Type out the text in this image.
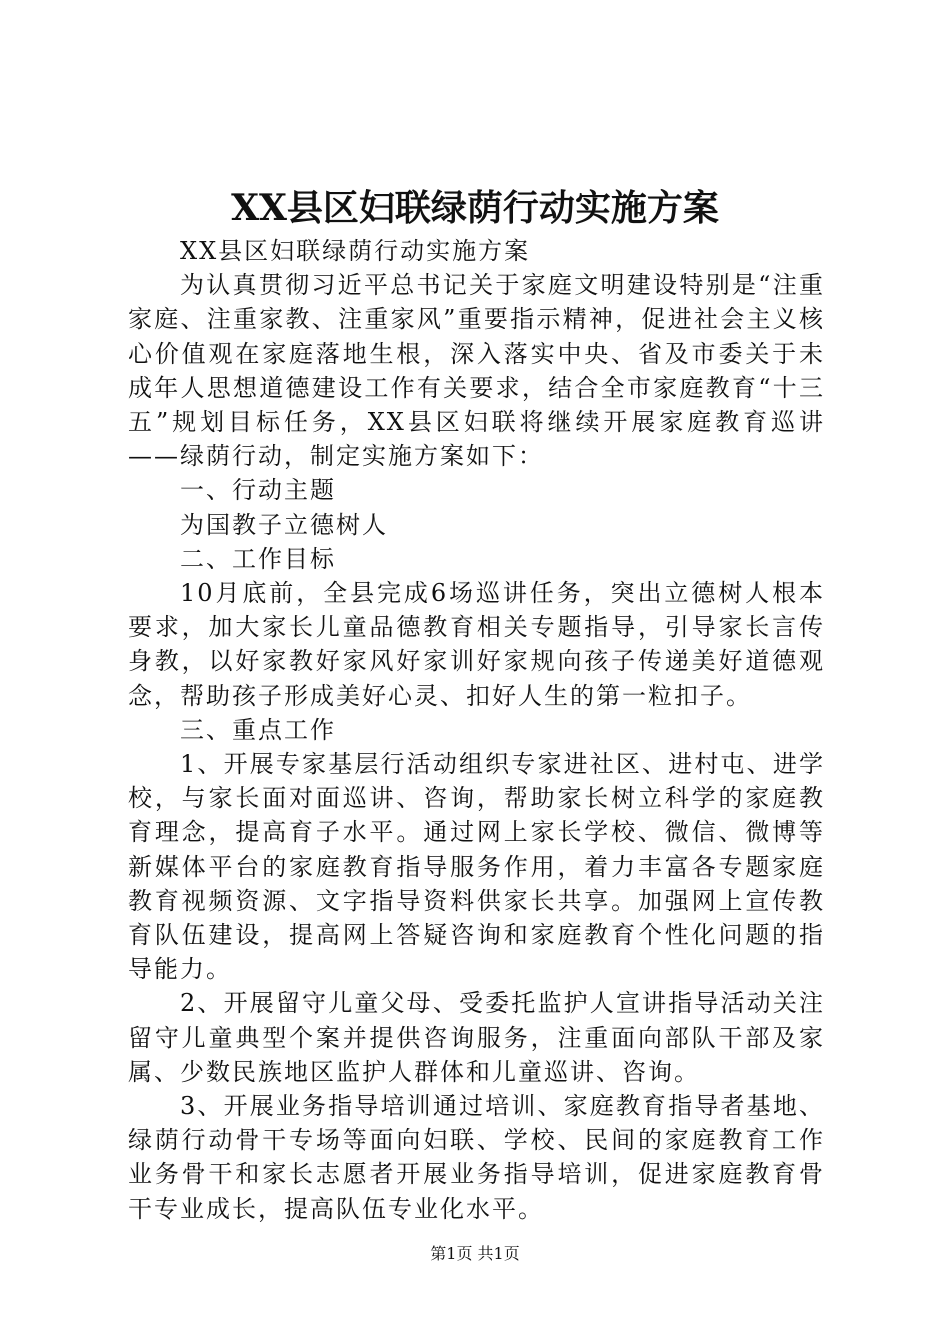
XX县区妇联绿荫行动实施方案

XX县区妇联绿荫行动实施方案

为认真贯彻习近平总书记关于家庭文明建设特别是“注重家庭、注重家教、注重家风”重要指示精神，促进社会主义核心价值观在家庭落地生根，深入落实中央、省及市委关于未成年人思想道德建设工作有关要求，结合全市家庭教育“十三五”规划目标任务，XX县区妇联将继续开展家庭教育巡讲——绿荫行动，制定实施方案如下：

一、行动主题

为国教子立德树人

二、工作目标

10月底前，全县完成6场巡讲任务，突出立德树人根本要求，加大家长儿童品德教育相关专题指导，引导家长言传身教，以好家教好家风好家训好家规向孩子传递美好道德观念，帮助孩子形成美好心灵、扣好人生的第一粒扣子。

三、重点工作

1、开展专家基层行活动组织专家进社区、进村屯、进学校，与家长面对面巡讲、咨询，帮助家长树立科学的家庭教育理念，提高育子水平。通过网上家长学校、微信、微博等新媒体平台的家庭教育指导服务作用，着力丰富各专题家庭教育视频资源、文字指导资料供家长共享。加强网上宣传教育队伍建设，提高网上答疑咨询和家庭教育个性化问题的指导能力。

2、开展留守儿童父母、受委托监护人宣讲指导活动关注留守儿童典型个案并提供咨询服务，注重面向部队干部及家属、少数民族地区监护人群体和儿童巡讲、咨询。

3、开展业务指导培训通过培训、家庭教育指导者基地、绿荫行动骨干专场等面向妇联、学校、民间的家庭教育工作业务骨干和家长志愿者开展业务指导培训，促进家庭教育骨干专业成长，提高队伍专业化水平。

第1页 共1页
